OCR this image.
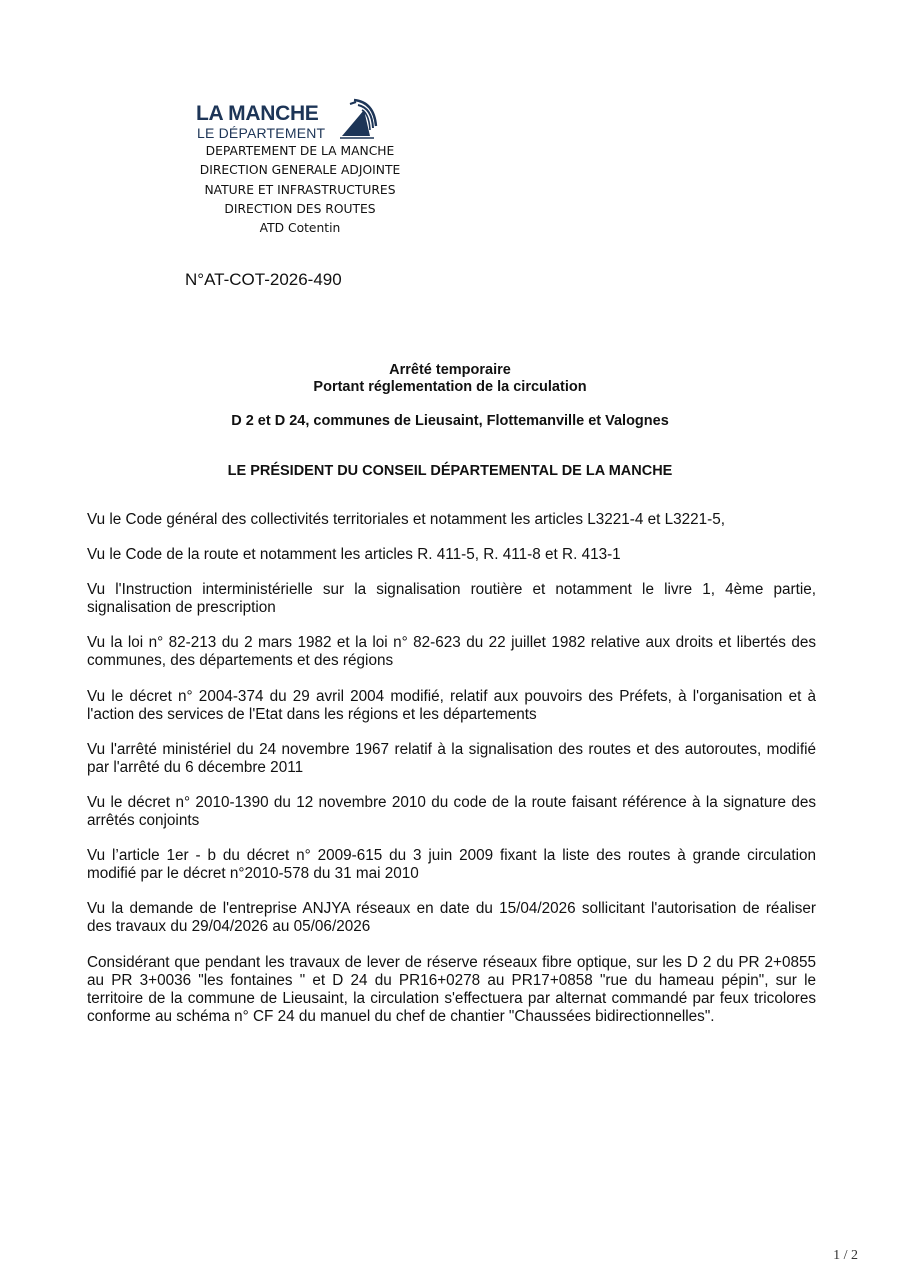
LA MANCHE
LE DÉPARTEMENT
DEPARTEMENT DE LA MANCHE
DIRECTION GENERALE ADJOINTE
NATURE ET INFRASTRUCTURES
DIRECTION DES ROUTES
ATD Cotentin
N°AT-COT-2026-490
Arrêté temporaire
Portant réglementation de la circulation
D 2 et D 24, communes de Lieusaint, Flottemanville et Valognes
LE PRÉSIDENT DU CONSEIL DÉPARTEMENTAL DE LA MANCHE

Vu le Code général des collectivités territoriales et notamment les articles L3221-4 et L3221-5,

Vu le Code de la route et notamment les articles R. 411-5, R. 411-8 et R. 413-1

Vu l'Instruction interministérielle sur la signalisation routière et notamment le livre 1, 4ème partie, signalisation de prescription

Vu la loi n° 82-213 du 2 mars 1982 et la loi n° 82-623 du 22 juillet 1982 relative aux droits et libertés des communes, des départements et des régions

Vu le décret n° 2004-374 du 29 avril 2004 modifié, relatif aux pouvoirs des Préfets, à l'organisation et à l'action des services de l'Etat dans les régions et les départements

Vu l'arrêté ministériel du 24 novembre 1967 relatif à la signalisation des routes et des autoroutes, modifié par l'arrêté du 6 décembre 2011

Vu le décret n° 2010-1390 du 12 novembre 2010 du code de la route faisant référence à la signature des arrêtés conjoints

Vu l’article 1er - b du décret n° 2009-615 du 3 juin 2009 fixant la liste des routes à grande circulation modifié par le décret n°2010-578 du 31 mai 2010

Vu la demande de l'entreprise ANJYA réseaux en date du 15/04/2026 sollicitant l'autorisation de réaliser des travaux du 29/04/2026 au 05/06/2026

Considérant que pendant les travaux de lever de réserve réseaux fibre optique, sur les D 2 du PR 2+0855 au PR 3+0036 "les fontaines " et D 24 du PR16+0278 au PR17+0858 "rue du hameau pépin", sur le territoire de la commune de Lieusaint, la circulation s'effectuera par alternat commandé par feux tricolores conforme au schéma n° CF 24 du manuel du chef de chantier "Chaussées bidirectionnelles".

1 / 2
